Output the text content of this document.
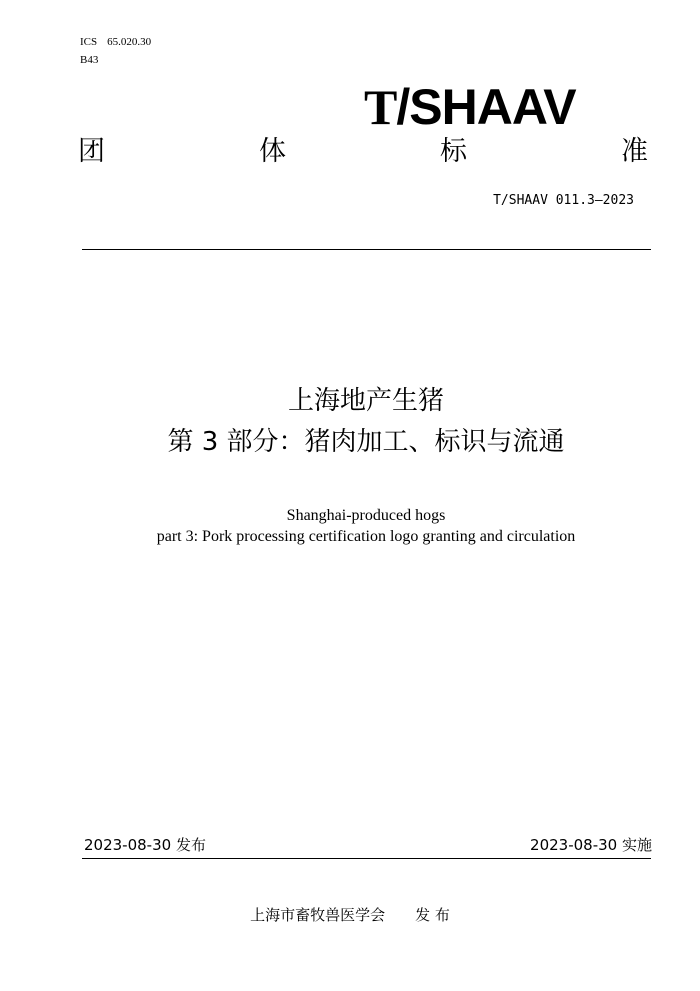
ICS 65.020.30
B43
T/SHAAV
团	体	标	准
T/SHAAV 011.3—2023
上海地产生猪
第 3 部分：猪肉加工、标识与流通
Shanghai-produced hogs
part 3: Pork processing certification logo granting and circulation
2023-08-30 发布	2023-08-30 实施
上海市畜牧兽医学会 发 布
